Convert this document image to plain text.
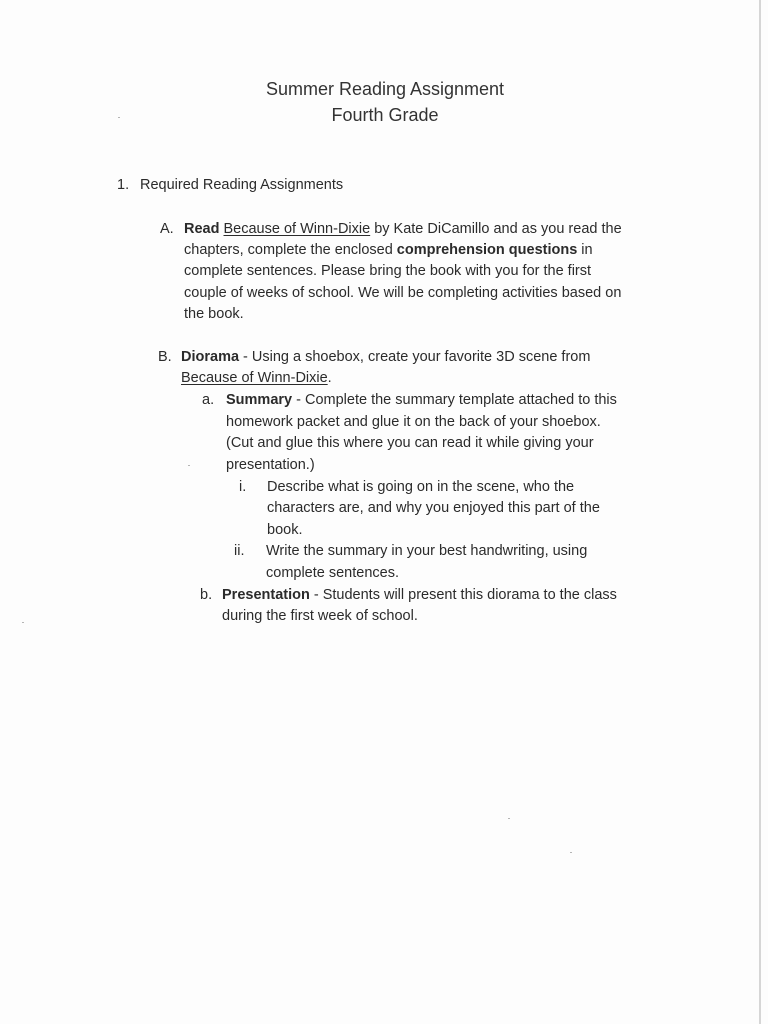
Summer Reading Assignment
Fourth Grade
1. Required Reading Assignments
A. Read Because of Winn-Dixie by Kate DiCamillo and as you read the
chapters, complete the enclosed comprehension questions in
complete sentences. Please bring the book with you for the first
couple of weeks of school. We will be completing activities based on
the book.
B. Diorama - Using a shoebox, create your favorite 3D scene from
Because of Winn-Dixie.
a. Summary - Complete the summary template attached to this
homework packet and glue it on the back of your shoebox.
(Cut and glue this where you can read it while giving your
presentation.)
i. Describe what is going on in the scene, who the
characters are, and why you enjoyed this part of the
book.
ii. Write the summary in your best handwriting, using
complete sentences.
b. Presentation - Students will present this diorama to the class
during the first week of school.
